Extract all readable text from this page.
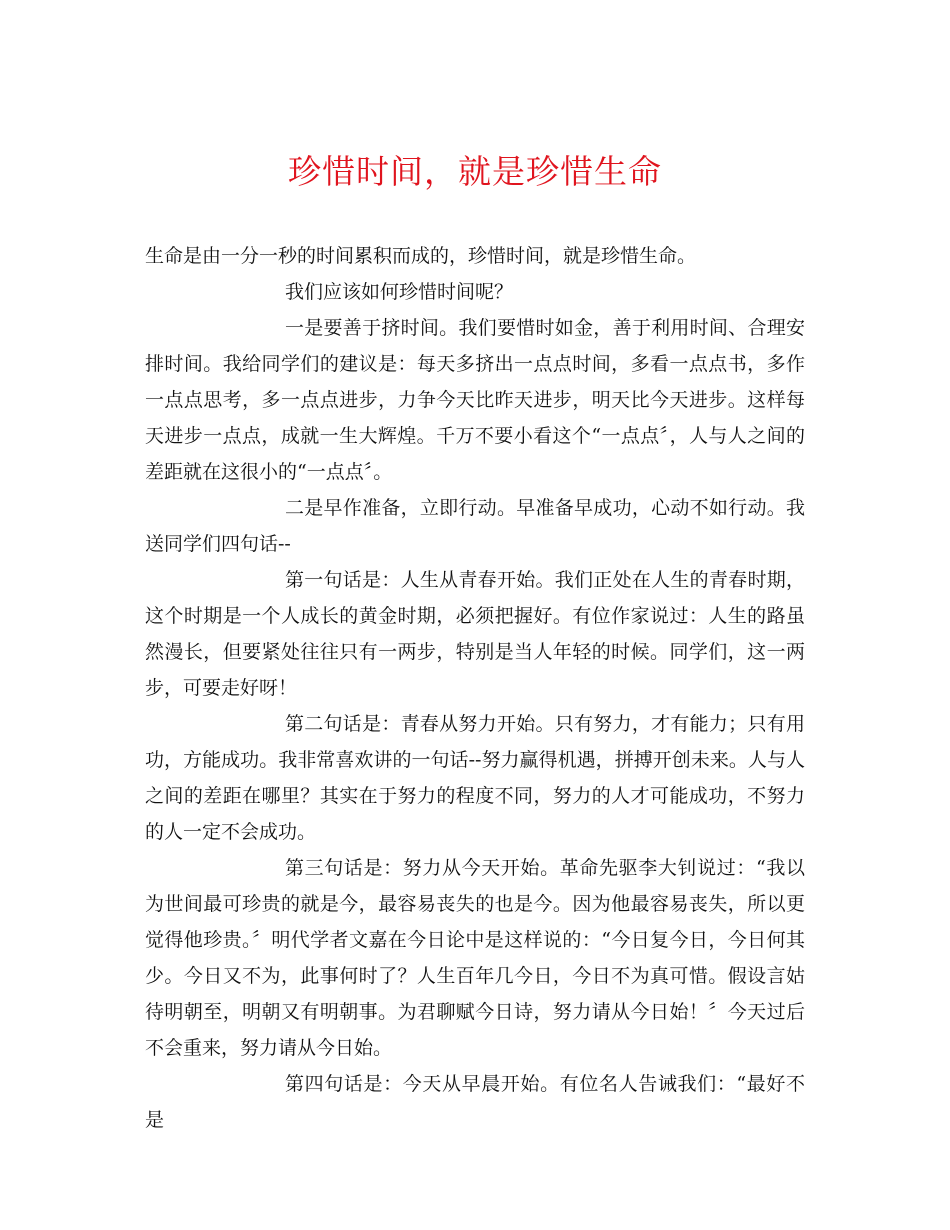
珍惜时间，就是珍惜生命

生命是由一分一秒的时间累积而成的，珍惜时间，就是珍惜生命。

我们应该如何珍惜时间呢？

一是要善于挤时间。我们要惜时如金，善于利用时间、合理安排时间。我给同学们的建议是：每天多挤出一点点时间，多看一点点书，多作一点点思考，多一点点进步，力争今天比昨天进步，明天比今天进步。这样每天进步一点点，成就一生大辉煌。千万不要小看这个“一点点〞，人与人之间的差距就在这很小的“一点点〞。

二是早作准备，立即行动。早准备早成功，心动不如行动。我送同学们四句话--

第一句话是：人生从青春开始。我们正处在人生的青春时期，这个时期是一个人成长的黄金时期，必须把握好。有位作家说过：人生的路虽然漫长，但要紧处往往只有一两步，特别是当人年轻的时候。同学们，这一两步，可要走好呀！

第二句话是：青春从努力开始。只有努力，才有能力；只有用功，方能成功。我非常喜欢讲的一句话--努力赢得机遇，拼搏开创未来。人与人之间的差距在哪里？其实在于努力的程度不同，努力的人才可能成功，不努力的人一定不会成功。

第三句话是：努力从今天开始。革命先驱李大钊说过：“我以为世间最可珍贵的就是今，最容易丧失的也是今。因为他最容易丧失，所以更觉得他珍贵。〞明代学者文嘉在今日论中是这样说的：“今日复今日，今日何其少。今日又不为，此事何时了？人生百年几今日，今日不为真可惜。假设言姑待明朝至，明朝又有明朝事。为君聊赋今日诗，努力请从今日始！〞今天过后不会重来，努力请从今日始。

第四句话是：今天从早晨开始。有位名人告诫我们：“最好不是
